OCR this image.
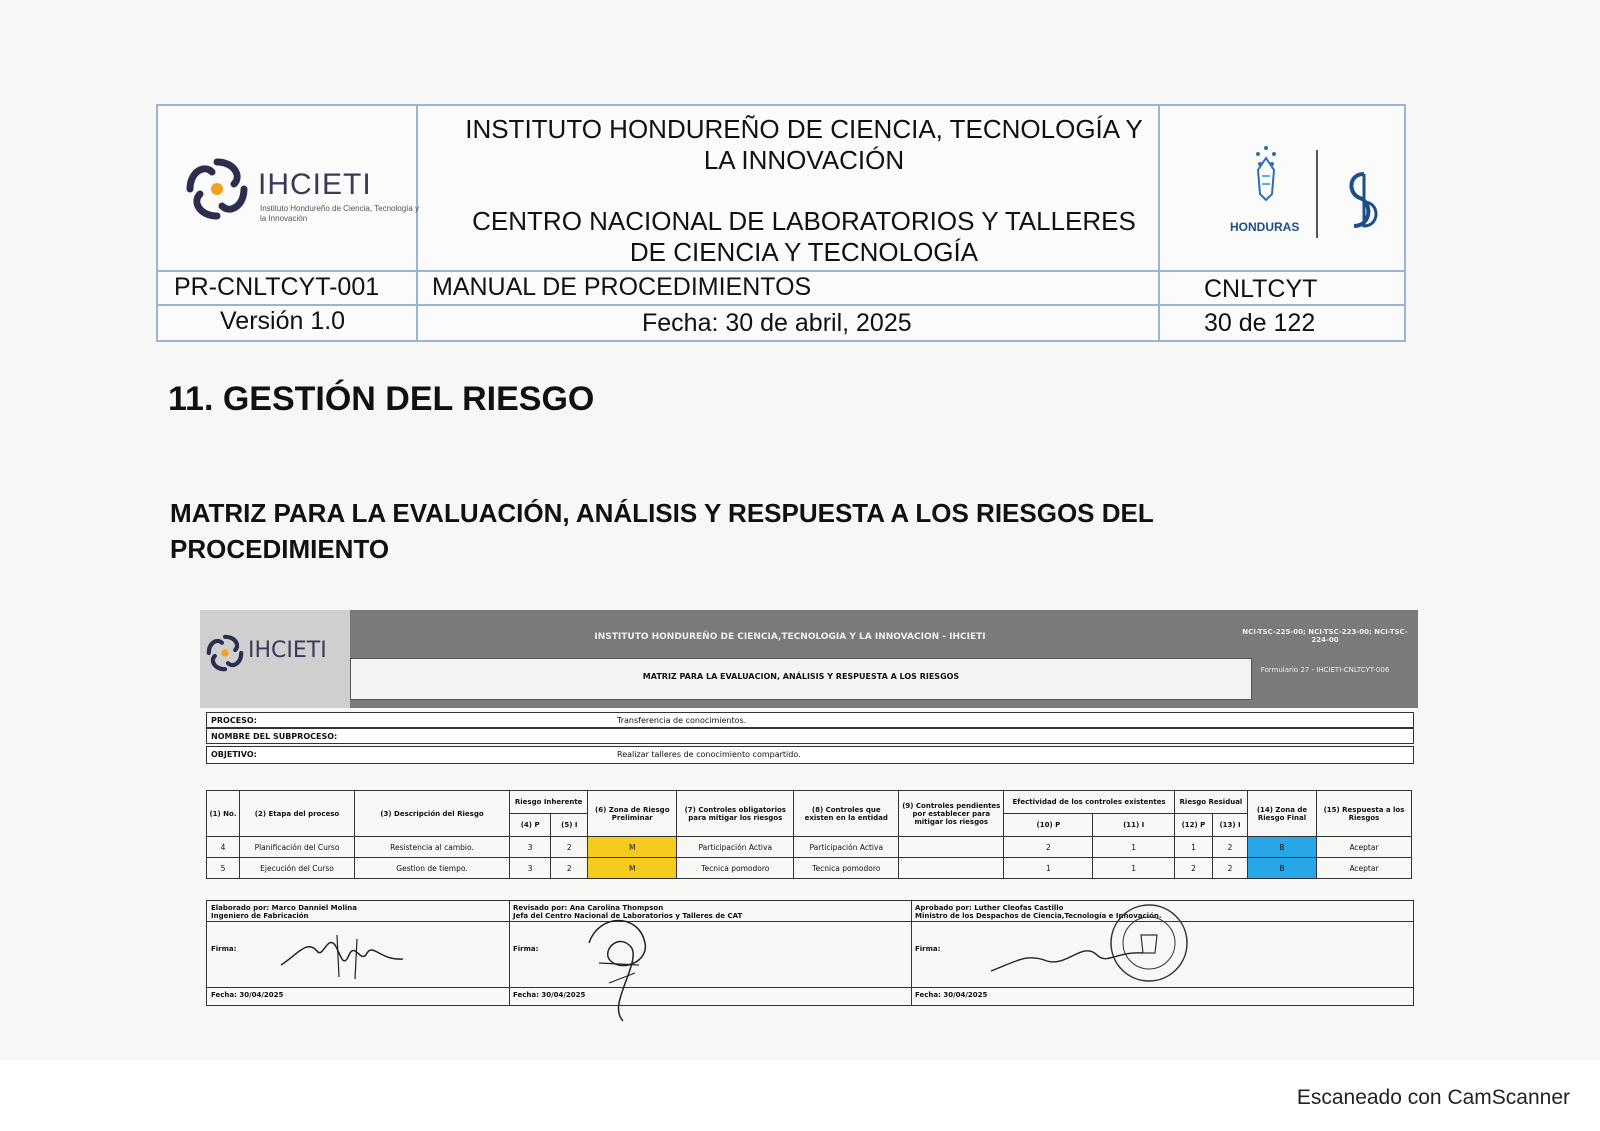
IHCIETI
Instituto Hondureño de Ciencia, Tecnología y la Innovación
INSTITUTO HONDUREÑO DE CIENCIA, TECNOLOGÍA Y
LA INNOVACIÓN
CENTRO NACIONAL DE LABORATORIOS Y TALLERES
DE CIENCIA Y TECNOLOGÍA
HONDURAS
PR-CNLTCYT-001 MANUAL DE PROCEDIMIENTOS	CNLTCYT
Versión 1.0	Fecha: 30 de abril, 2025	30 de 122
11. GESTIÓN DEL RIESGO
MATRIZ PARA LA EVALUACIÓN, ANÁLISIS Y RESPUESTA A LOS RIESGOS DEL
PROCEDIMIENTO
IHCIETI
INSTITUTO HONDUREÑO DE CIENCIA,TECNOLOGIA Y LA INNOVACION - IHCIETI
MATRIZ PARA LA EVALUACION, ANÁLISIS Y RESPUESTA A LOS RIESGOS
NCI-TSC-225-00; NCI-TSC-223-00; NCI-TSC-224-00
Formulario 27 - IHCIETI-CNLTCYT-006
PROCESO:	Transferencia de conocimientos.
NOMBRE DEL SUBPROCESO:
OBJETIVO:	Realizar talleres de conocimiento compartido.
(1) No.	(2) Etapa del proceso	(3) Descripción del Riesgo	Riesgo Inherente		(6) Zona de Riesgo Preliminar	(7) Controles obligatorios para mitigar los riesgos	(8) Controles que existen en la entidad	(9) Controles pendientes por establecer para mitigar los riesgos	Efectividad de los controles existentes		Riesgo Residual		(14) Zona de Riesgo Final	(15) Respuesta a los Riesgos
			(4) P	(5) I					(10) P	(11) I	(12) P	(13) I		
4	Planificación del Curso	Resistencia al cambio.	3	2	M	Participación Activa	Participación Activa		2	1	1	2	B	Aceptar
5	Ejecución del Curso	Gestion de tiempo.	3	2	M	Tecnica pomodoro	Tecnica pomodoro		1	1	2	2	B	Aceptar
Elaborado por: Marco Danniel Molina
Ingeniero de Fabricación
Revisado por: Ana Carolina Thompson
Jefa del Centro Nacional de Laboratorios y Talleres de CAT
Aprobado por: Luther Cleofas Castillo
Ministro de los Despachos de Ciencia,Tecnología e Innovación.
Firma:	Firma:	Firma:
Fecha: 30/04/2025	Fecha: 30/04/2025	Fecha: 30/04/2025
Escaneado con CamScanner
